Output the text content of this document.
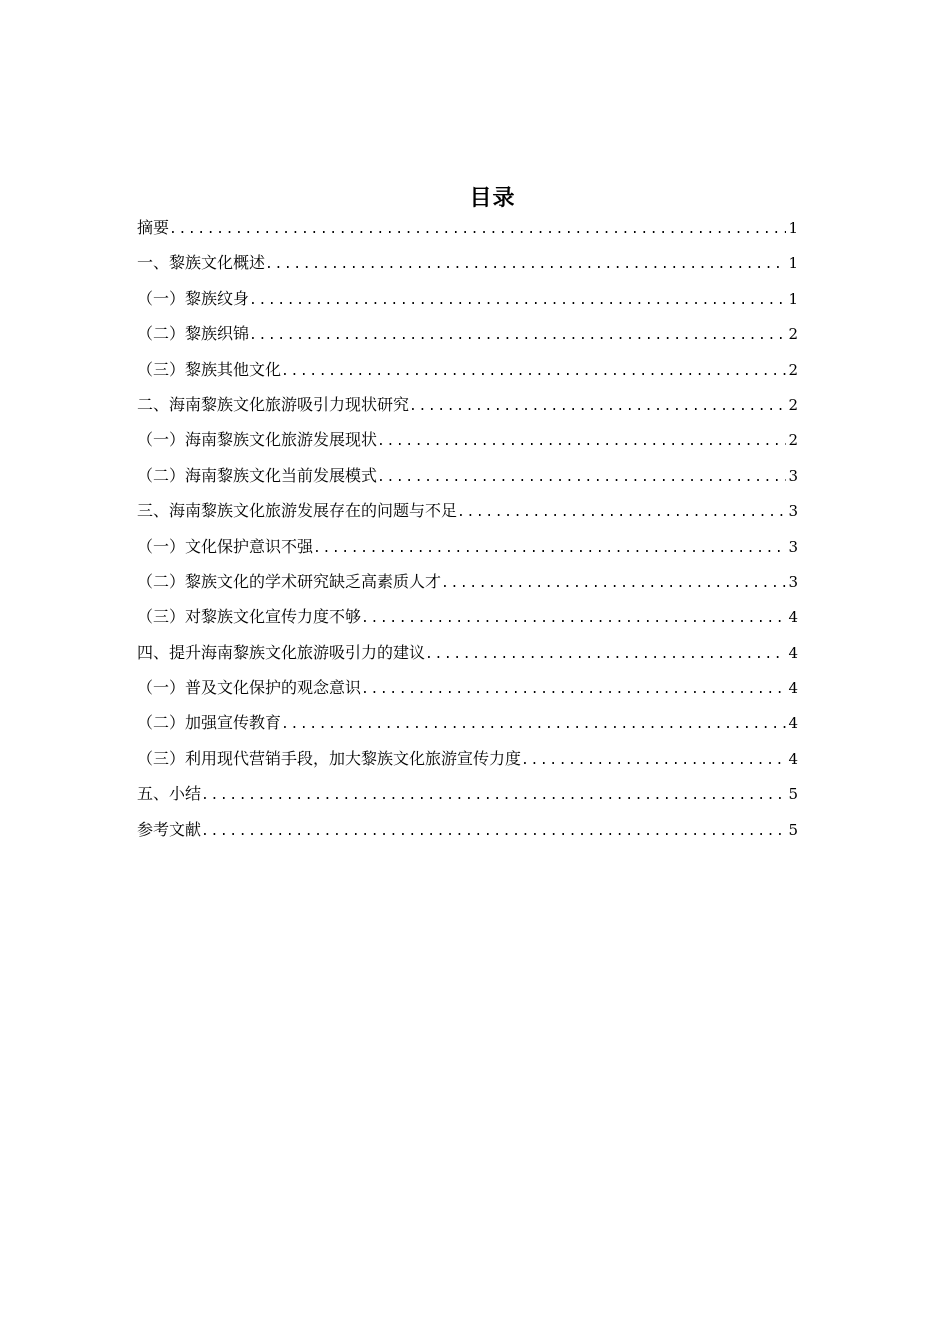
目录
摘要 .....	1
一、黎族文化概述 .....	1
（一）黎族纹身 .....	1
（二）黎族织锦 .....	2
（三）黎族其他文化 .....	2
二、海南黎族文化旅游吸引力现状研究 .....	2
（一）海南黎族文化旅游发展现状 .....	2
（二）海南黎族文化当前发展模式 .....	3
三、海南黎族文化旅游发展存在的问题与不足 .....	3
（一）文化保护意识不强 .....	3
（二）黎族文化的学术研究缺乏高素质人才 .....	3
（三）对黎族文化宣传力度不够 .....	4
四、提升海南黎族文化旅游吸引力的建议 .....	4
（一）普及文化保护的观念意识 .....	4
（二）加强宣传教育 .....	4
（三）利用现代营销手段，加大黎族文化旅游宣传力度 .....	4
五、小结 .....	5
参考文献 .....	5
